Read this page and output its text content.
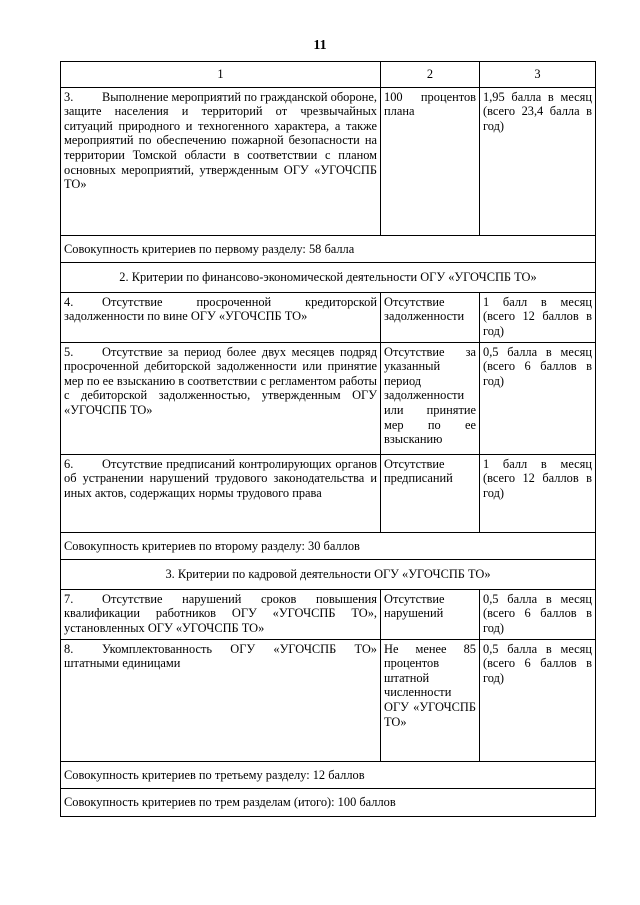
11
1	2	3
3. Выполнение мероприятий по гражданской обороне, защите населения и территорий от чрезвычайных ситуаций природного и техногенного характера, а также мероприятий по обеспечению пожарной безопасности на территории Томской области в соответствии с планом основных мероприятий, утвержденным ОГУ «УГОЧСПБ ТО»	100 процентов плана	1,95 балла в месяц (всего 23,4 балла в год)
Совокупность критериев по первому разделу: 58 балла		
2. Критерии по финансово-экономической деятельности ОГУ «УГОЧСПБ ТО»		
4. Отсутствие просроченной кредиторской задолженности по вине ОГУ «УГОЧСПБ ТО»	Отсутствие задолженности	1 балл в месяц (всего 12 баллов в год)
5. Отсутствие за период более двух месяцев подряд просроченной дебиторской задолженности или принятие мер по ее взысканию в соответствии с регламентом работы с дебиторской задолженностью, утвержденным ОГУ «УГОЧСПБ ТО»	Отсутствие за указанный период задолженности или принятие мер по ее взысканию	0,5 балла в месяц (всего 6 баллов в год)
6. Отсутствие предписаний контролирующих органов об устранении нарушений трудового законодательства и иных актов, содержащих нормы трудового права	Отсутствие предписаний	1 балл в месяц (всего 12 баллов в год)
Совокупность критериев по второму разделу: 30 баллов		
3. Критерии по кадровой деятельности ОГУ «УГОЧСПБ ТО»		
7. Отсутствие нарушений сроков повышения квалификации работников ОГУ «УГОЧСПБ ТО», установленных ОГУ «УГОЧСПБ ТО»	Отсутствие нарушений	0,5 балла в месяц (всего 6 баллов в год)
8. Укомплектованность ОГУ «УГОЧСПБ ТО» штатными единицами	Не менее 85 процентов штатной численности ОГУ «УГОЧСПБ ТО»	0,5 балла в месяц (всего 6 баллов в год)
Совокупность критериев по третьему разделу: 12 баллов		
Совокупность критериев по трем разделам (итого): 100 баллов		
